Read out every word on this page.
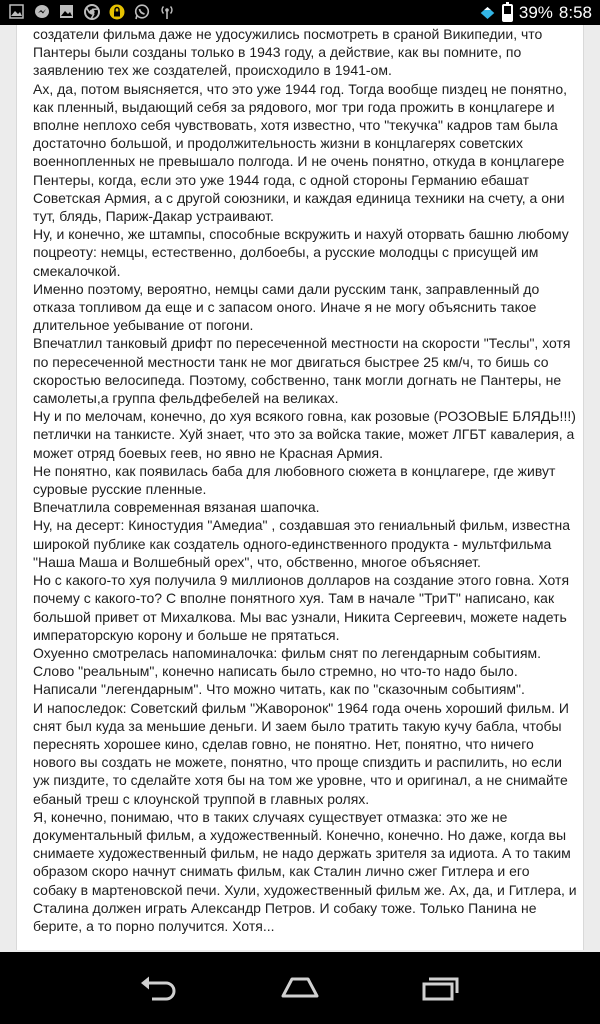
39% 8:58

создатели фильма даже не удосужились посмотреть в сраной Википедии, что Пантеры были созданы только в 1943 году, а действие, как вы помните, по заявлению тех же создателей, происходило в 1941-ом.

Ах, да, потом выясняется, что это уже 1944 год. Тогда вообще пиздец не понятно, как пленный, выдающий себя за рядового, мог три года прожить в концлагере и вполне неплохо себя чувствовать, хотя известно, что "текучка" кадров там была достаточно большой, и продолжительность жизни в концлагерях советских военнопленных не превышало полгода. И не очень понятно, откуда в концлагере Пентеры, когда, если это уже 1944 года, с одной стороны Германию ебашат Советская Армия, а с другой союзники, и каждая единица техники на счету, а они тут, блядь, Париж-Дакар устраивают.

Ну, и конечно, же штампы, способные вскружить и нахуй оторвать башню любому поцреоту: немцы, естественно, долбоебы, а русские молодцы с присущей им смекалочкой.

Именно поэтому, вероятно, немцы сами дали русским танк, заправленный до отказа топливом да еще и с запасом оного. Иначе я не могу объяснить такое длительное уебывание от погони.

Впечатлил танковый дрифт по пересеченной местности на скорости "Теслы", хотя по пересеченной местности танк не мог двигаться быстрее 25 км/ч, то бишь со скоростью велосипеда. Поэтому, собственно, танк могли догнать не Пантеры, не самолеты,а группа фельдфебелей на великах.

Ну и по мелочам, конечно, до хуя всякого говна, как розовые (РОЗОВЫЕ БЛЯДЬ!!!) петлички на танкисте. Хуй знает, что это за войска такие, может ЛГБТ кавалерия, а может отряд боевых геев, но явно не Красная Армия.

Не понятно, как появилась баба для любовного сюжета в концлагере, где живут суровые русские пленные.

Впечатлила современная вязаная шапочка.

Ну, на десерт: Киностудия "Амедиа" , создавшая это гениальный фильм, известна широкой публике как создатель одного-единственного продукта - мультфильма "Наша Маша и Волшебный орех", что, обственно, многое объясняет.

Но с какого-то хуя получила 9 миллионов долларов на создание этого говна. Хотя почему с какого-то? С вполне понятного хуя. Там в начале "ТриТ" написано, как большой привет от Михалкова. Мы вас узнали, Никита Сергеевич, можете надеть императорскую корону и больше не прятаться.

Охуенно смотрелась напоминалочка: фильм снят по легендарным событиям. Слово "реальным", конечно написать было стремно, но что-то надо было. Написали "легендарным". Что можно читать, как по "сказочным событиям".

И напоследок: Советский фильм "Жаворонок" 1964 года очень хороший фильм. И снят был куда за меньшие деньги. И заем было тратить такую кучу бабла, чтобы переснять хорошее кино, сделав говно, не понятно. Нет, понятно, что ничего нового вы создать не можете, понятно, что проще спиздить и распилить, но если уж пиздите, то сделайте хотя бы на том же уровне, что и оригинал, а не снимайте ебаный треш с клоунской труппой в главных ролях.

Я, конечно, понимаю, что в таких случаях существует отмазка: это же не документальный фильм, а художественный. Конечно, конечно. Но даже, когда вы снимаете художественный фильм, не надо держать зрителя за идиота. А то таким образом скоро начнут снимать фильм, как Сталин лично сжег Гитлера и его собаку в мартеновской печи. Хули, художественный фильм же. Ах, да, и Гитлера, и Сталина должен играть Александр Петров. И собаку тоже. Только Панина не берите, а то порно получится. Хотя...
